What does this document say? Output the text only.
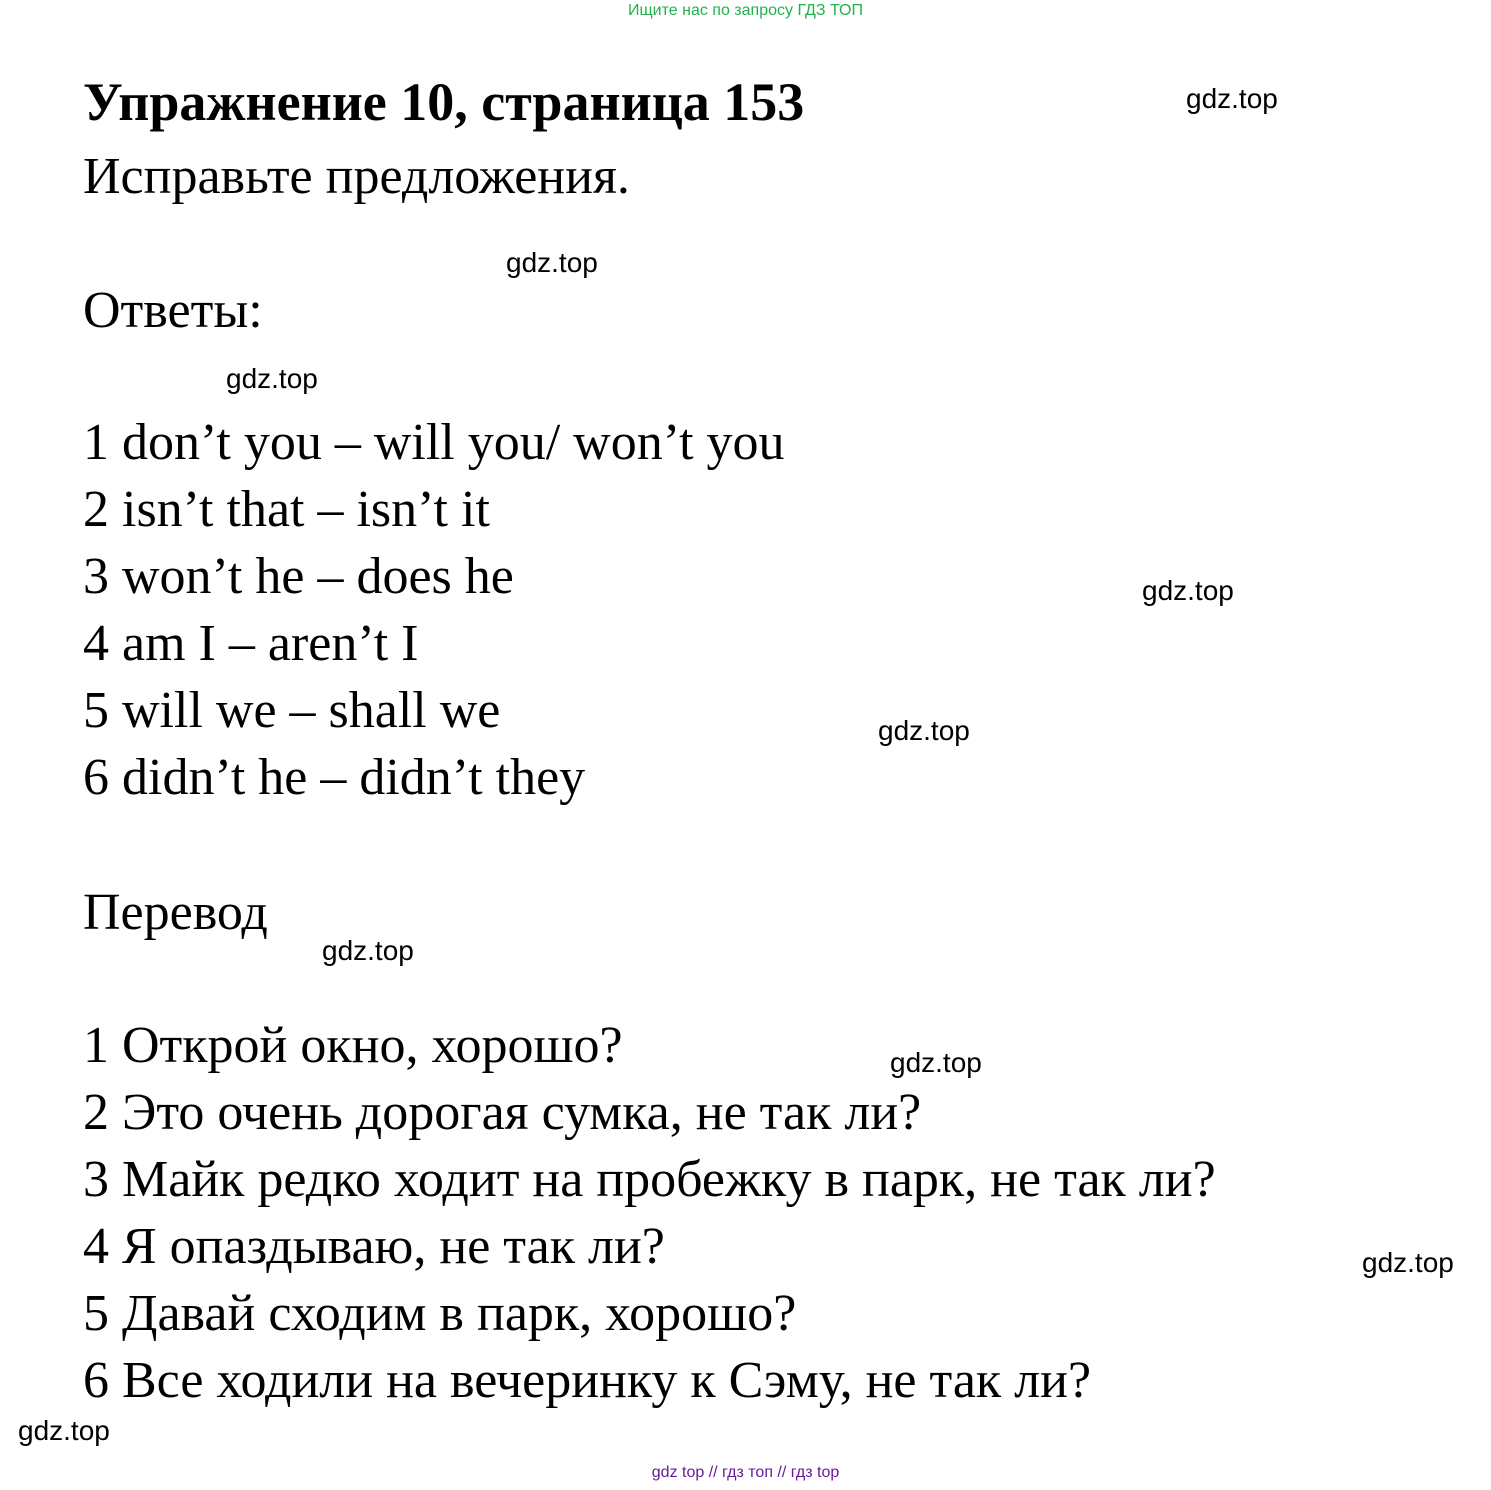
Ищите нас по запросу ГДЗ ТОП
Упражнение 10, страница 153
Исправьте предложения.
Ответы:
1 don’t you – will you/ won’t you
2 isn’t that – isn’t it
3 won’t he – does he
4 am I – aren’t I
5 will we – shall we
6 didn’t he – didn’t they
Перевод
1 Открой окно, хорошо?
2 Это очень дорогая сумка, не так ли?
3 Майк редко ходит на пробежку в парк, не так ли?
4 Я опаздываю, не так ли?
5 Давай сходим в парк, хорошо?
6 Все ходили на вечеринку к Сэму, не так ли?
gdz.top
gdz.top
gdz.top
gdz.top
gdz.top
gdz.top
gdz.top
gdz.top
gdz.top
gdz top // гдз топ // гдз top
